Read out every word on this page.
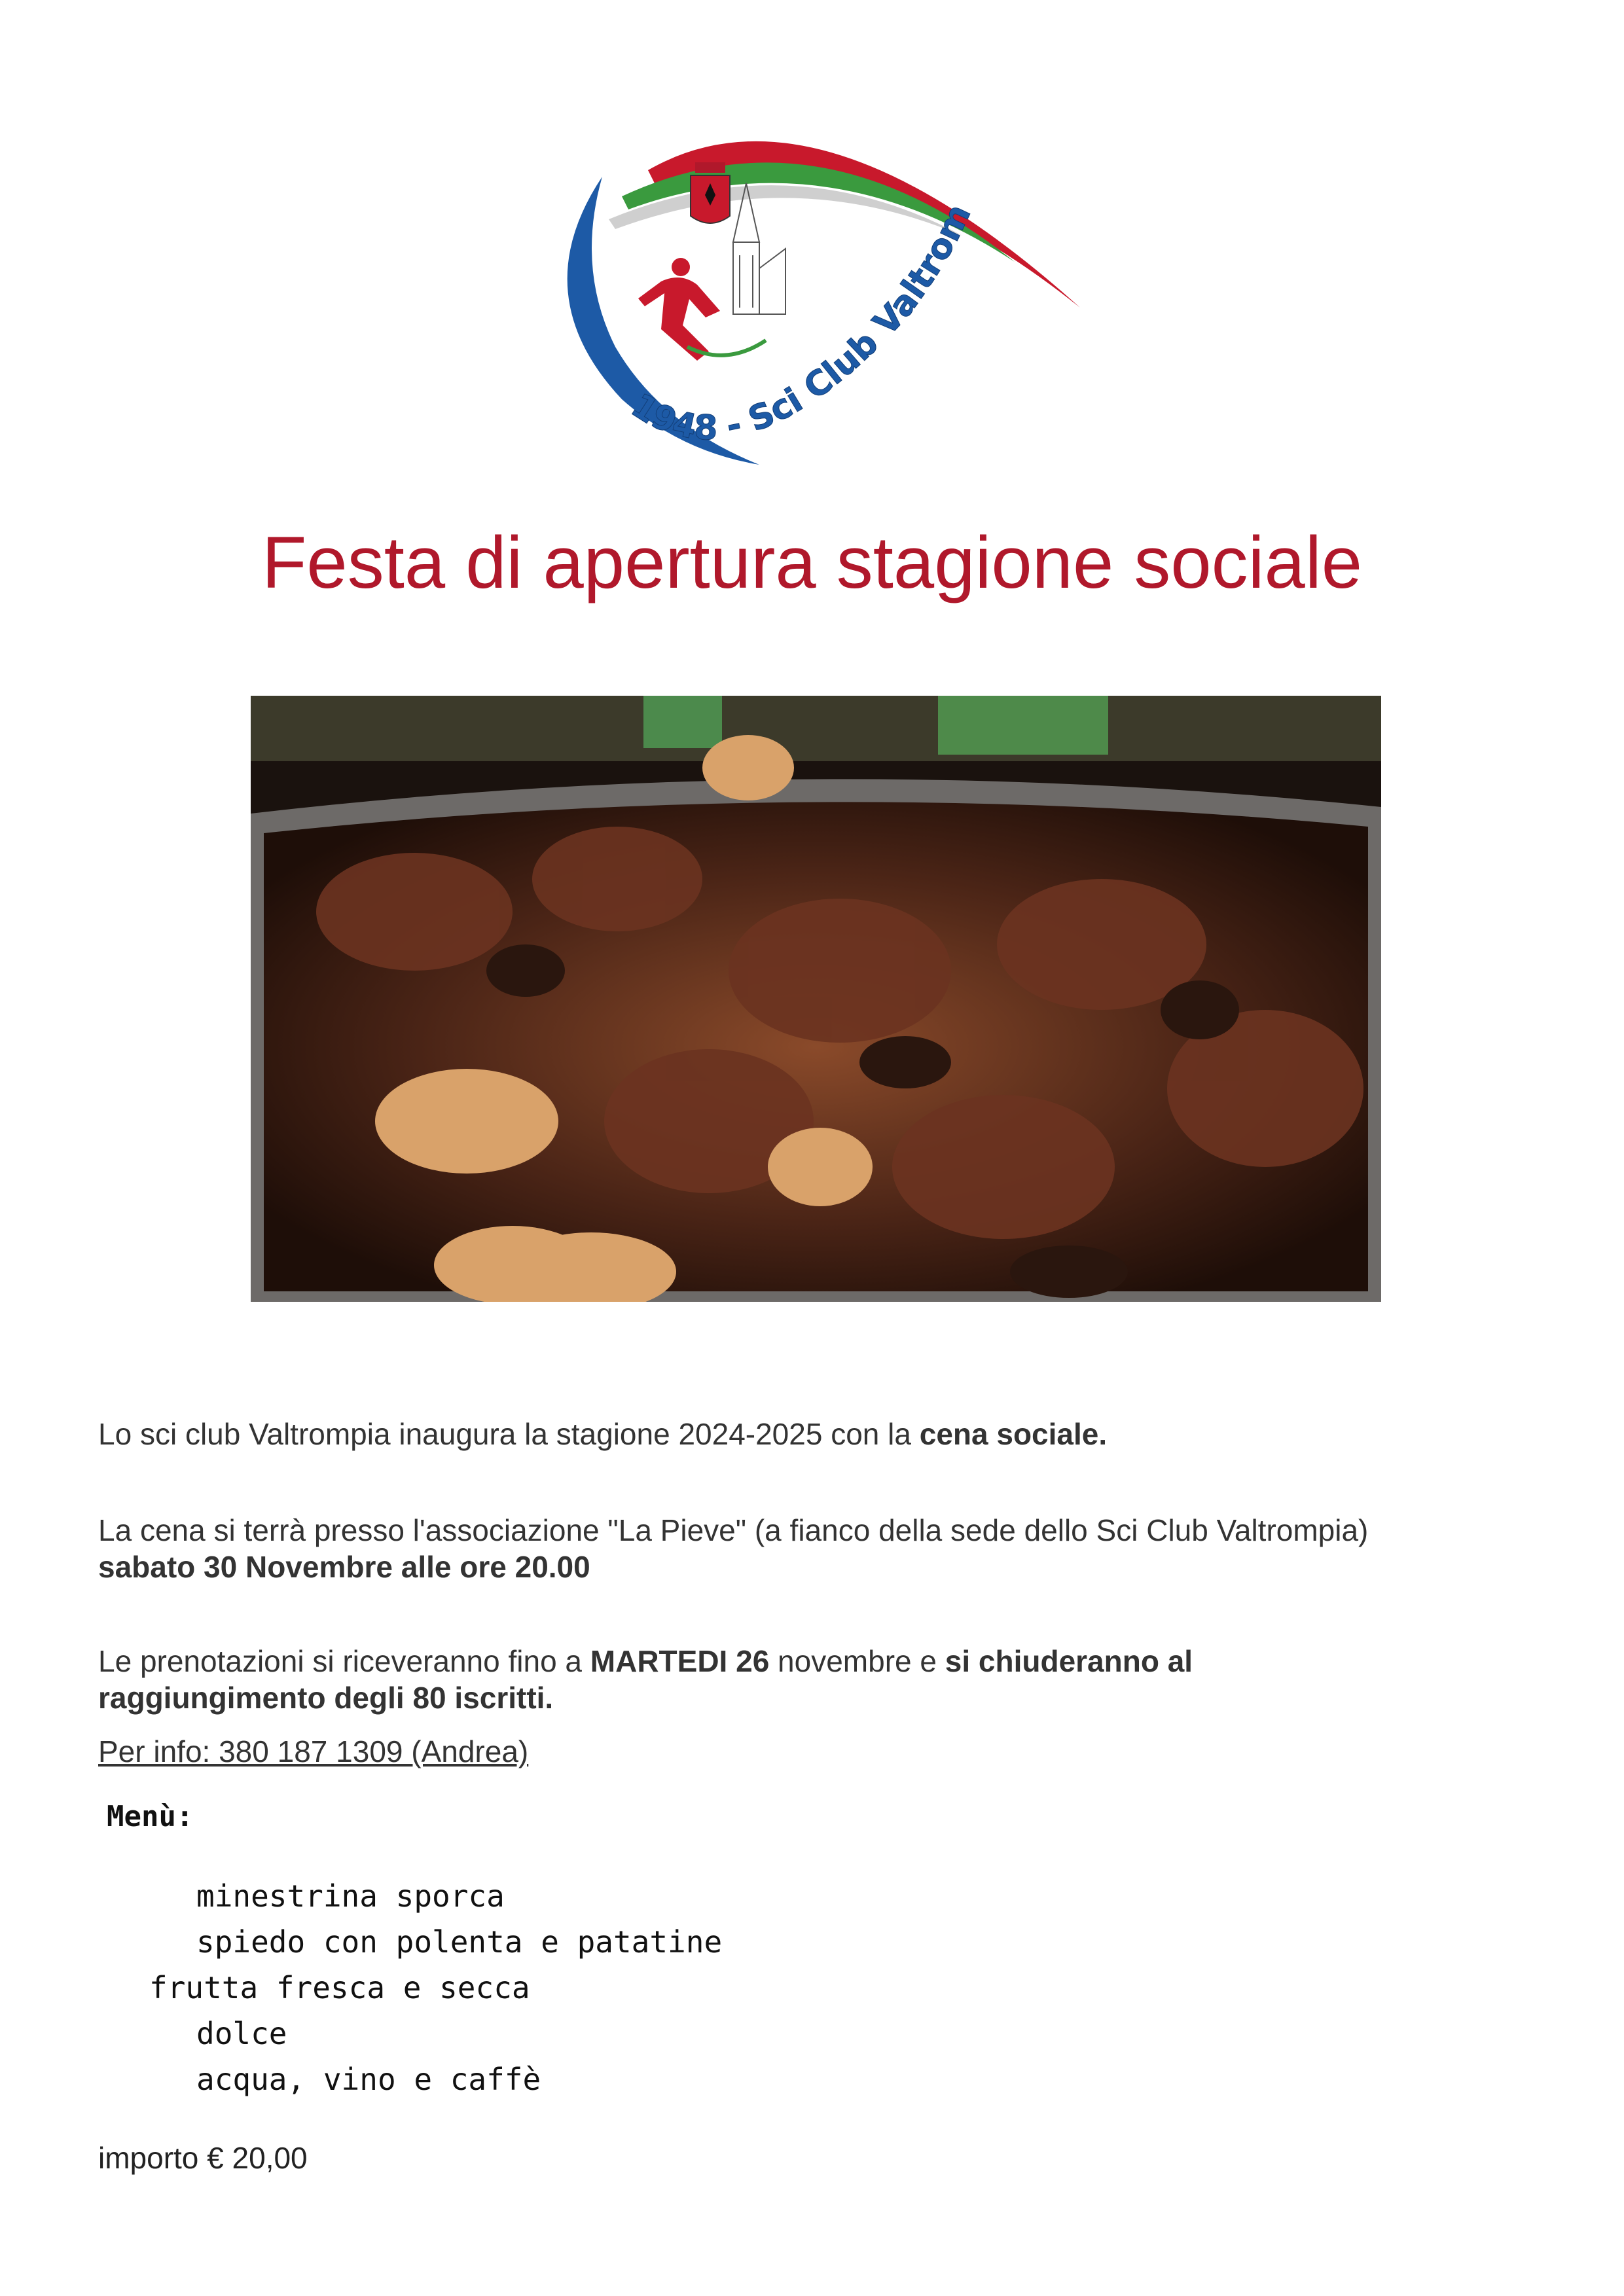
1948 - Sci Club Valtrom
Festa di apertura stagione sociale
Lo sci club Valtrompia inaugura la stagione 2024-2025 con la cena sociale.
La cena si terrà presso l'associazione "La Pieve" (a fianco della sede dello Sci Club Valtrompia)
sabato 30 Novembre alle ore 20.00
Le prenotazioni si riceveranno fino a MARTEDI 26 novembre e si chiuderanno al
raggiungimento degli 80 iscritti.
Per info: 380 187 1309 (Andrea)
Menù:
minestrina sporca
spiedo con polenta e patatine
frutta fresca e secca
dolce
acqua, vino e caffè
importo € 20,00
